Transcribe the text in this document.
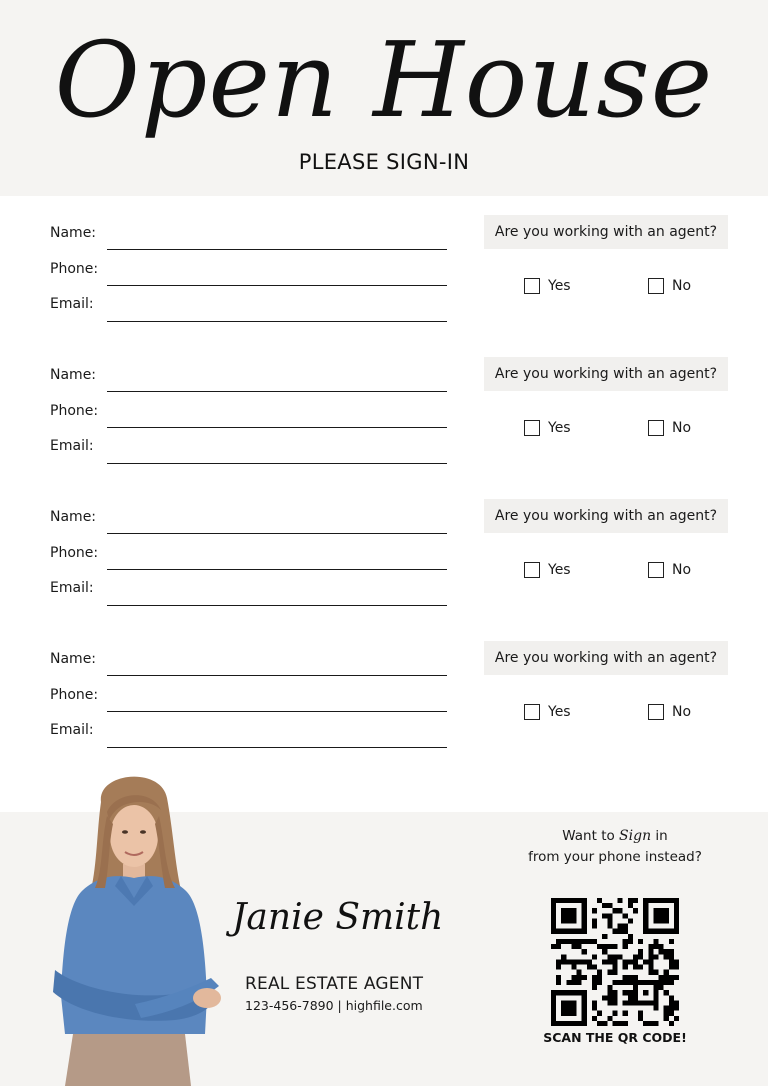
Open House
PLEASE SIGN-IN
Name:
Phone:
Email:
Are you working with an agent?
Yes	No
Name:
Phone:
Email:
Are you working with an agent?
Yes	No
Name:
Phone:
Email:
Are you working with an agent?
Yes	No
Name:
Phone:
Email:
Are you working with an agent?
Yes	No
Janie Smith
REAL ESTATE AGENT
123-456-7890 | highfile.com
Want to Sign in
from your phone instead?
SCAN THE QR CODE!
